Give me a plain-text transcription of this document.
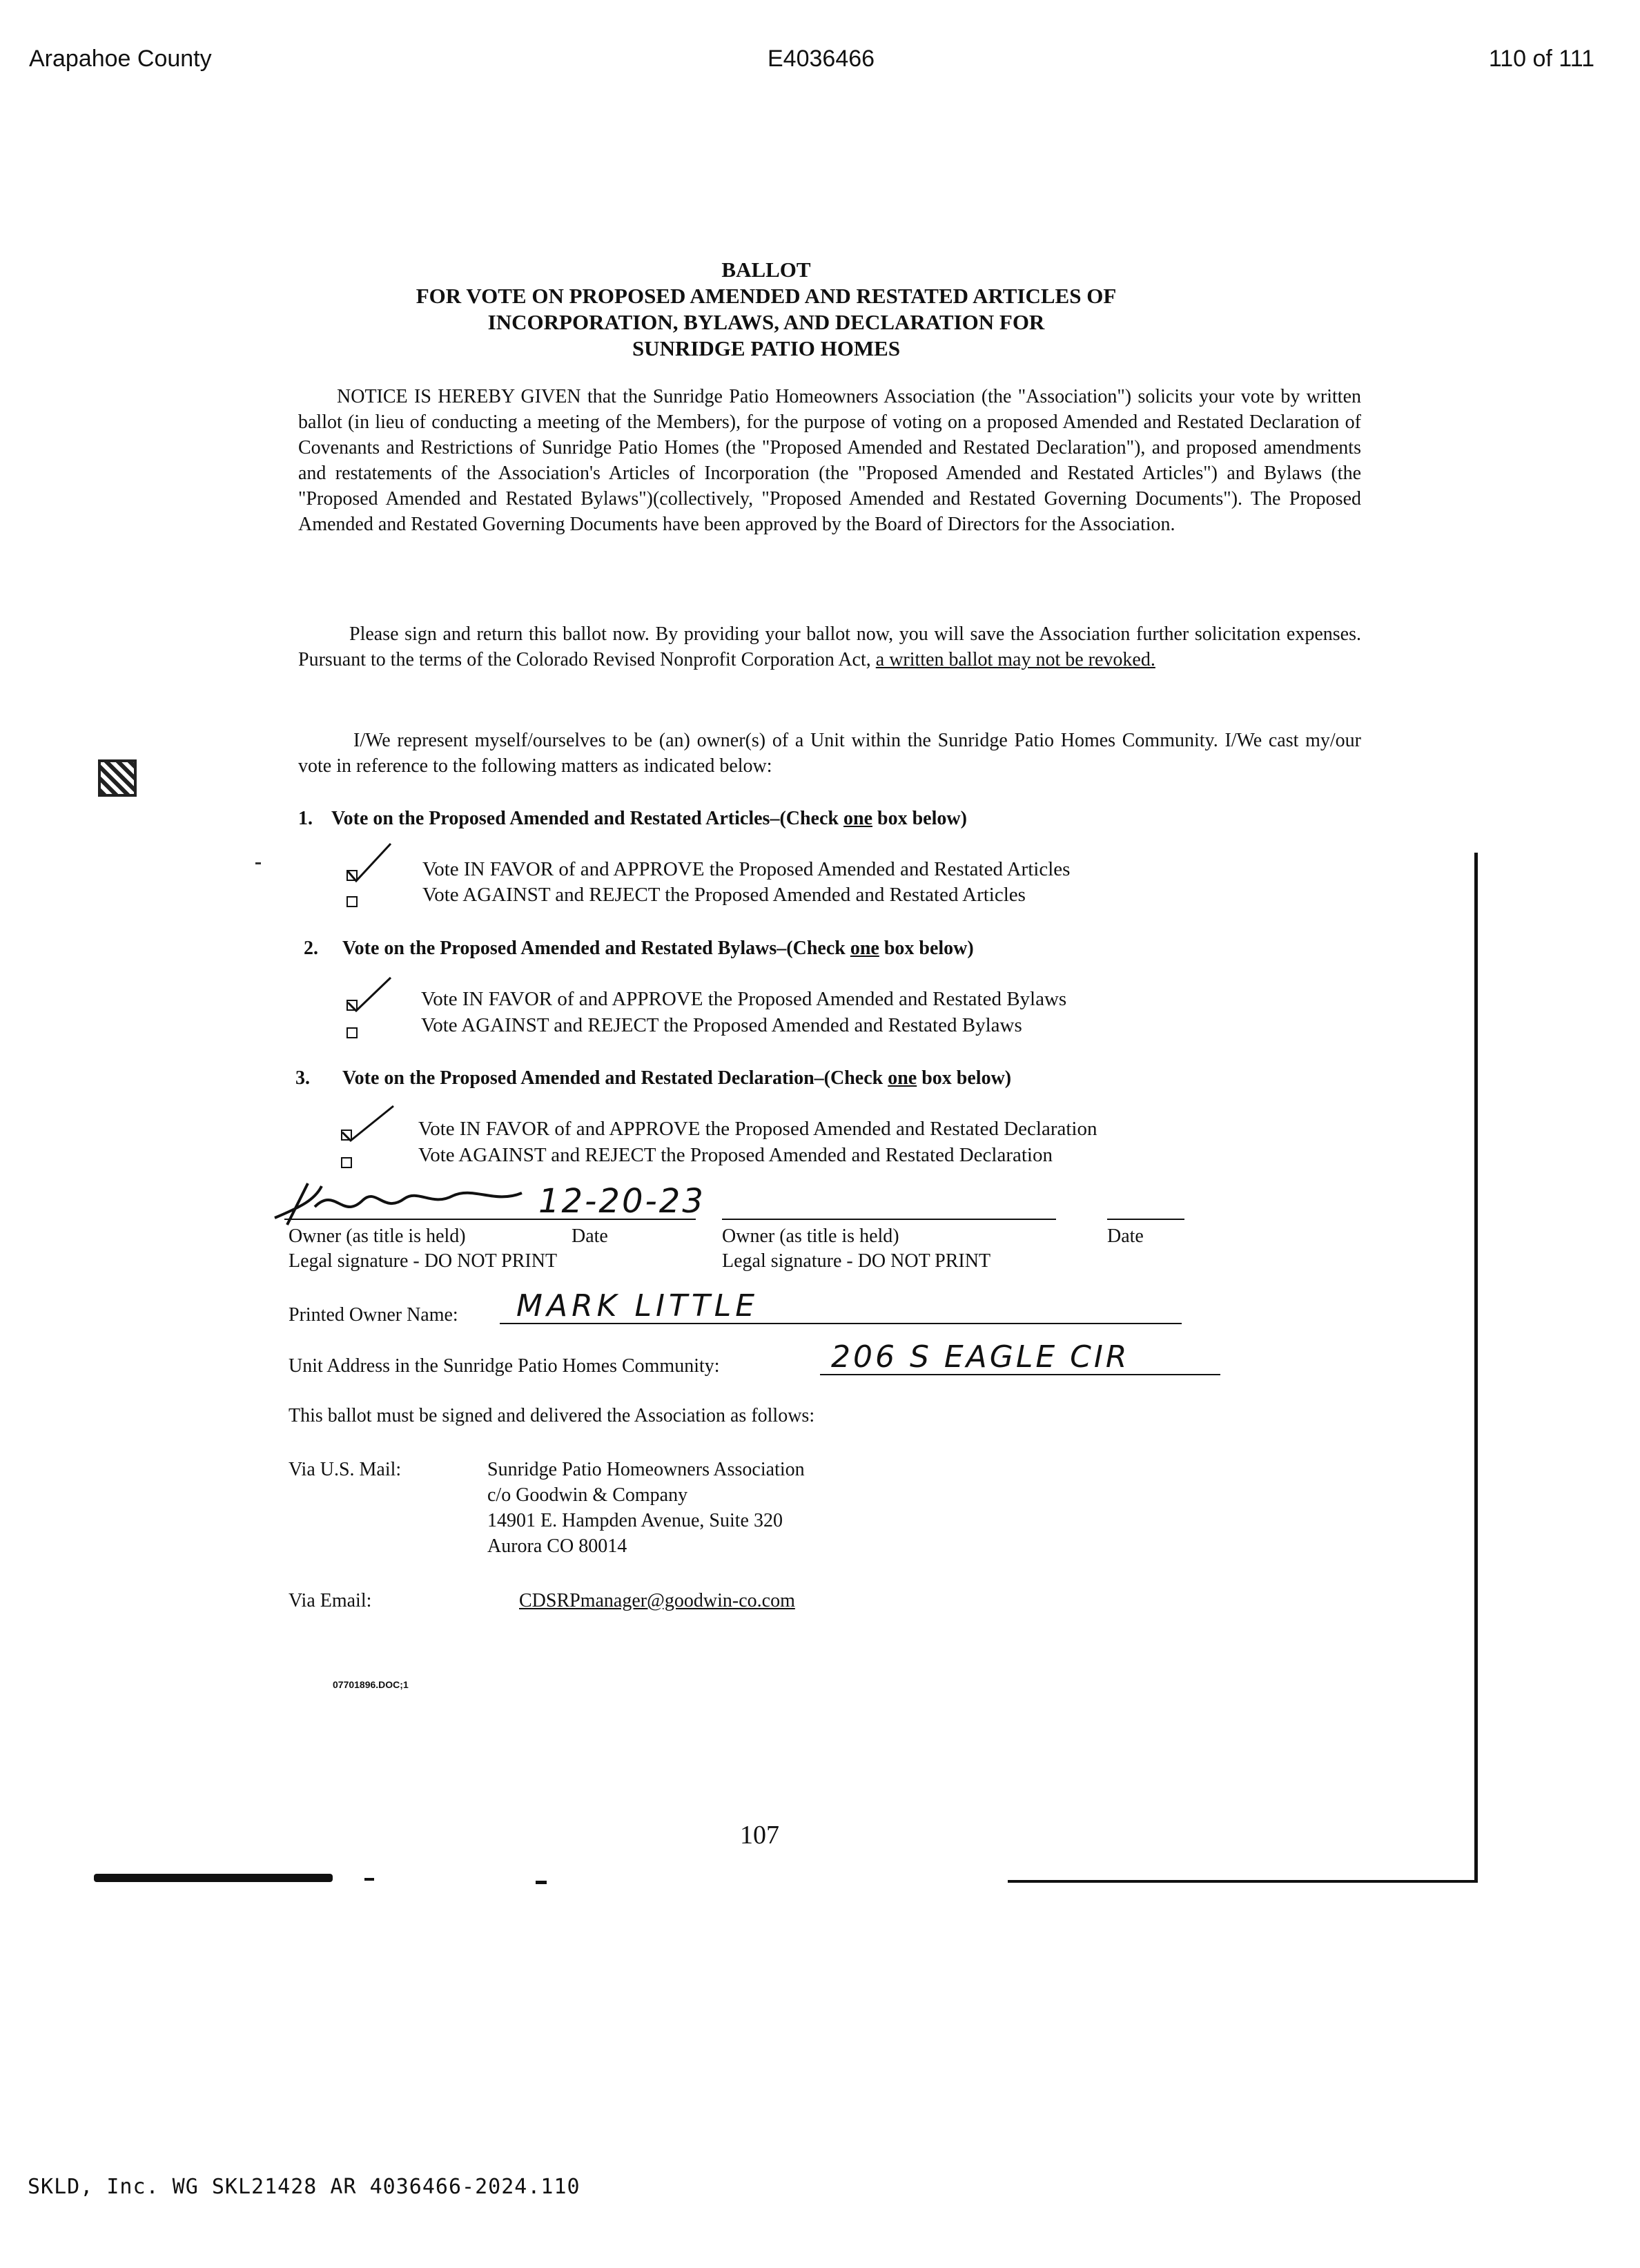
Arapahoe County	E4036466	110 of 111
BALLOT
FOR VOTE ON PROPOSED AMENDED AND RESTATED ARTICLES OF
INCORPORATION, BYLAWS, AND DECLARATION FOR
SUNRIDGE PATIO HOMES
NOTICE IS HEREBY GIVEN that the Sunridge Patio Homeowners Association (the "Association") solicits your vote by written ballot (in lieu of conducting a meeting of the Members), for the purpose of voting on a proposed Amended and Restated Declaration of Covenants and Restrictions of Sunridge Patio Homes (the "Proposed Amended and Restated Declaration"), and proposed amendments and restatements of the Association's Articles of Incorporation (the "Proposed Amended and Restated Articles") and Bylaws (the "Proposed Amended and Restated Bylaws")(collectively, "Proposed Amended and Restated Governing Documents"). The Proposed Amended and Restated Governing Documents have been approved by the Board of Directors for the Association.
Please sign and return this ballot now. By providing your ballot now, you will save the Association further solicitation expenses. Pursuant to the terms of the Colorado Revised Nonprofit Corporation Act, a written ballot may not be revoked.
I/We represent myself/ourselves to be (an) owner(s) of a Unit within the Sunridge Patio Homes Community. I/We cast my/our vote in reference to the following matters as indicated below:
1. Vote on the Proposed Amended and Restated Articles–(Check one box below)
Vote IN FAVOR of and APPROVE the Proposed Amended and Restated Articles
Vote AGAINST and REJECT the Proposed Amended and Restated Articles
2. Vote on the Proposed Amended and Restated Bylaws–(Check one box below)
Vote IN FAVOR of and APPROVE the Proposed Amended and Restated Bylaws
Vote AGAINST and REJECT the Proposed Amended and Restated Bylaws
3. Vote on the Proposed Amended and Restated Declaration–(Check one box below)
Vote IN FAVOR of and APPROVE the Proposed Amended and Restated Declaration
Vote AGAINST and REJECT the Proposed Amended and Restated Declaration
12-20-23
Owner (as title is held)	Date	Owner (as title is held)	Date
Legal signature - DO NOT PRINT	Legal signature - DO NOT PRINT
Printed Owner Name: MARK LITTLE
Unit Address in the Sunridge Patio Homes Community:	206 S EAGLE CIR
This ballot must be signed and delivered the Association as follows:
Via U.S. Mail:	Sunridge Patio Homeowners Association
c/o Goodwin & Company
14901 E. Hampden Avenue, Suite 320
Aurora CO 80014
Via Email:	CDSRPmanager@goodwin-co.com
07701896.DOC;1
107
SKLD, Inc. WG SKL21428 AR 4036466-2024.110
